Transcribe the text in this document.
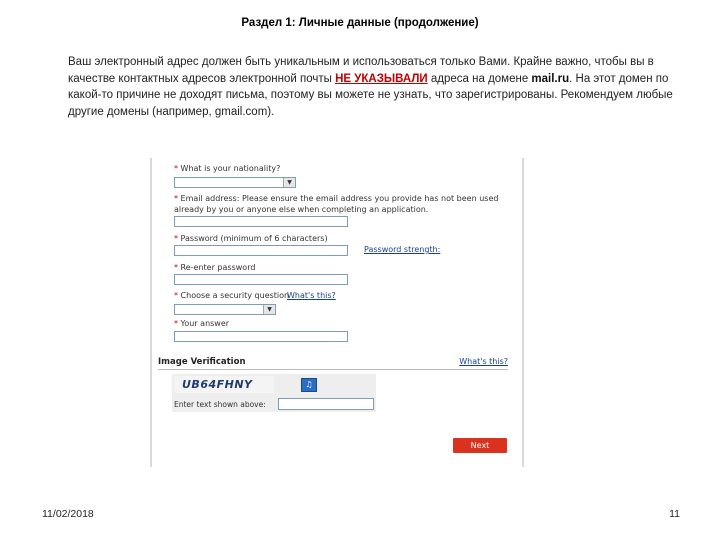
Раздел 1: Личные данные (продолжение)
Ваш электронный адрес должен быть уникальным и использоваться только Вами. Крайне важно, чтобы вы в качестве контактных адресов электронной почты НЕ УКАЗЫВАЛИ адреса на домене mail.ru. На этот домен по какой-то причине не доходят письма, поэтому вы можете не узнать, что зарегистрированы. Рекомендуем любые другие домены (например, gmail.com).
* What is your nationality?
▼
* Email address: Please ensure the email address you provide has not been used
already by you or anyone else when completing an application.
* Password (minimum of 6 characters)
Password strength:
* Re-enter password
* Choose a security question
What's this?
▼
* Your answer
Image Verification	What's this?
UB64FHNY	♫
Enter text shown above:
Next
11/02/2018	11
